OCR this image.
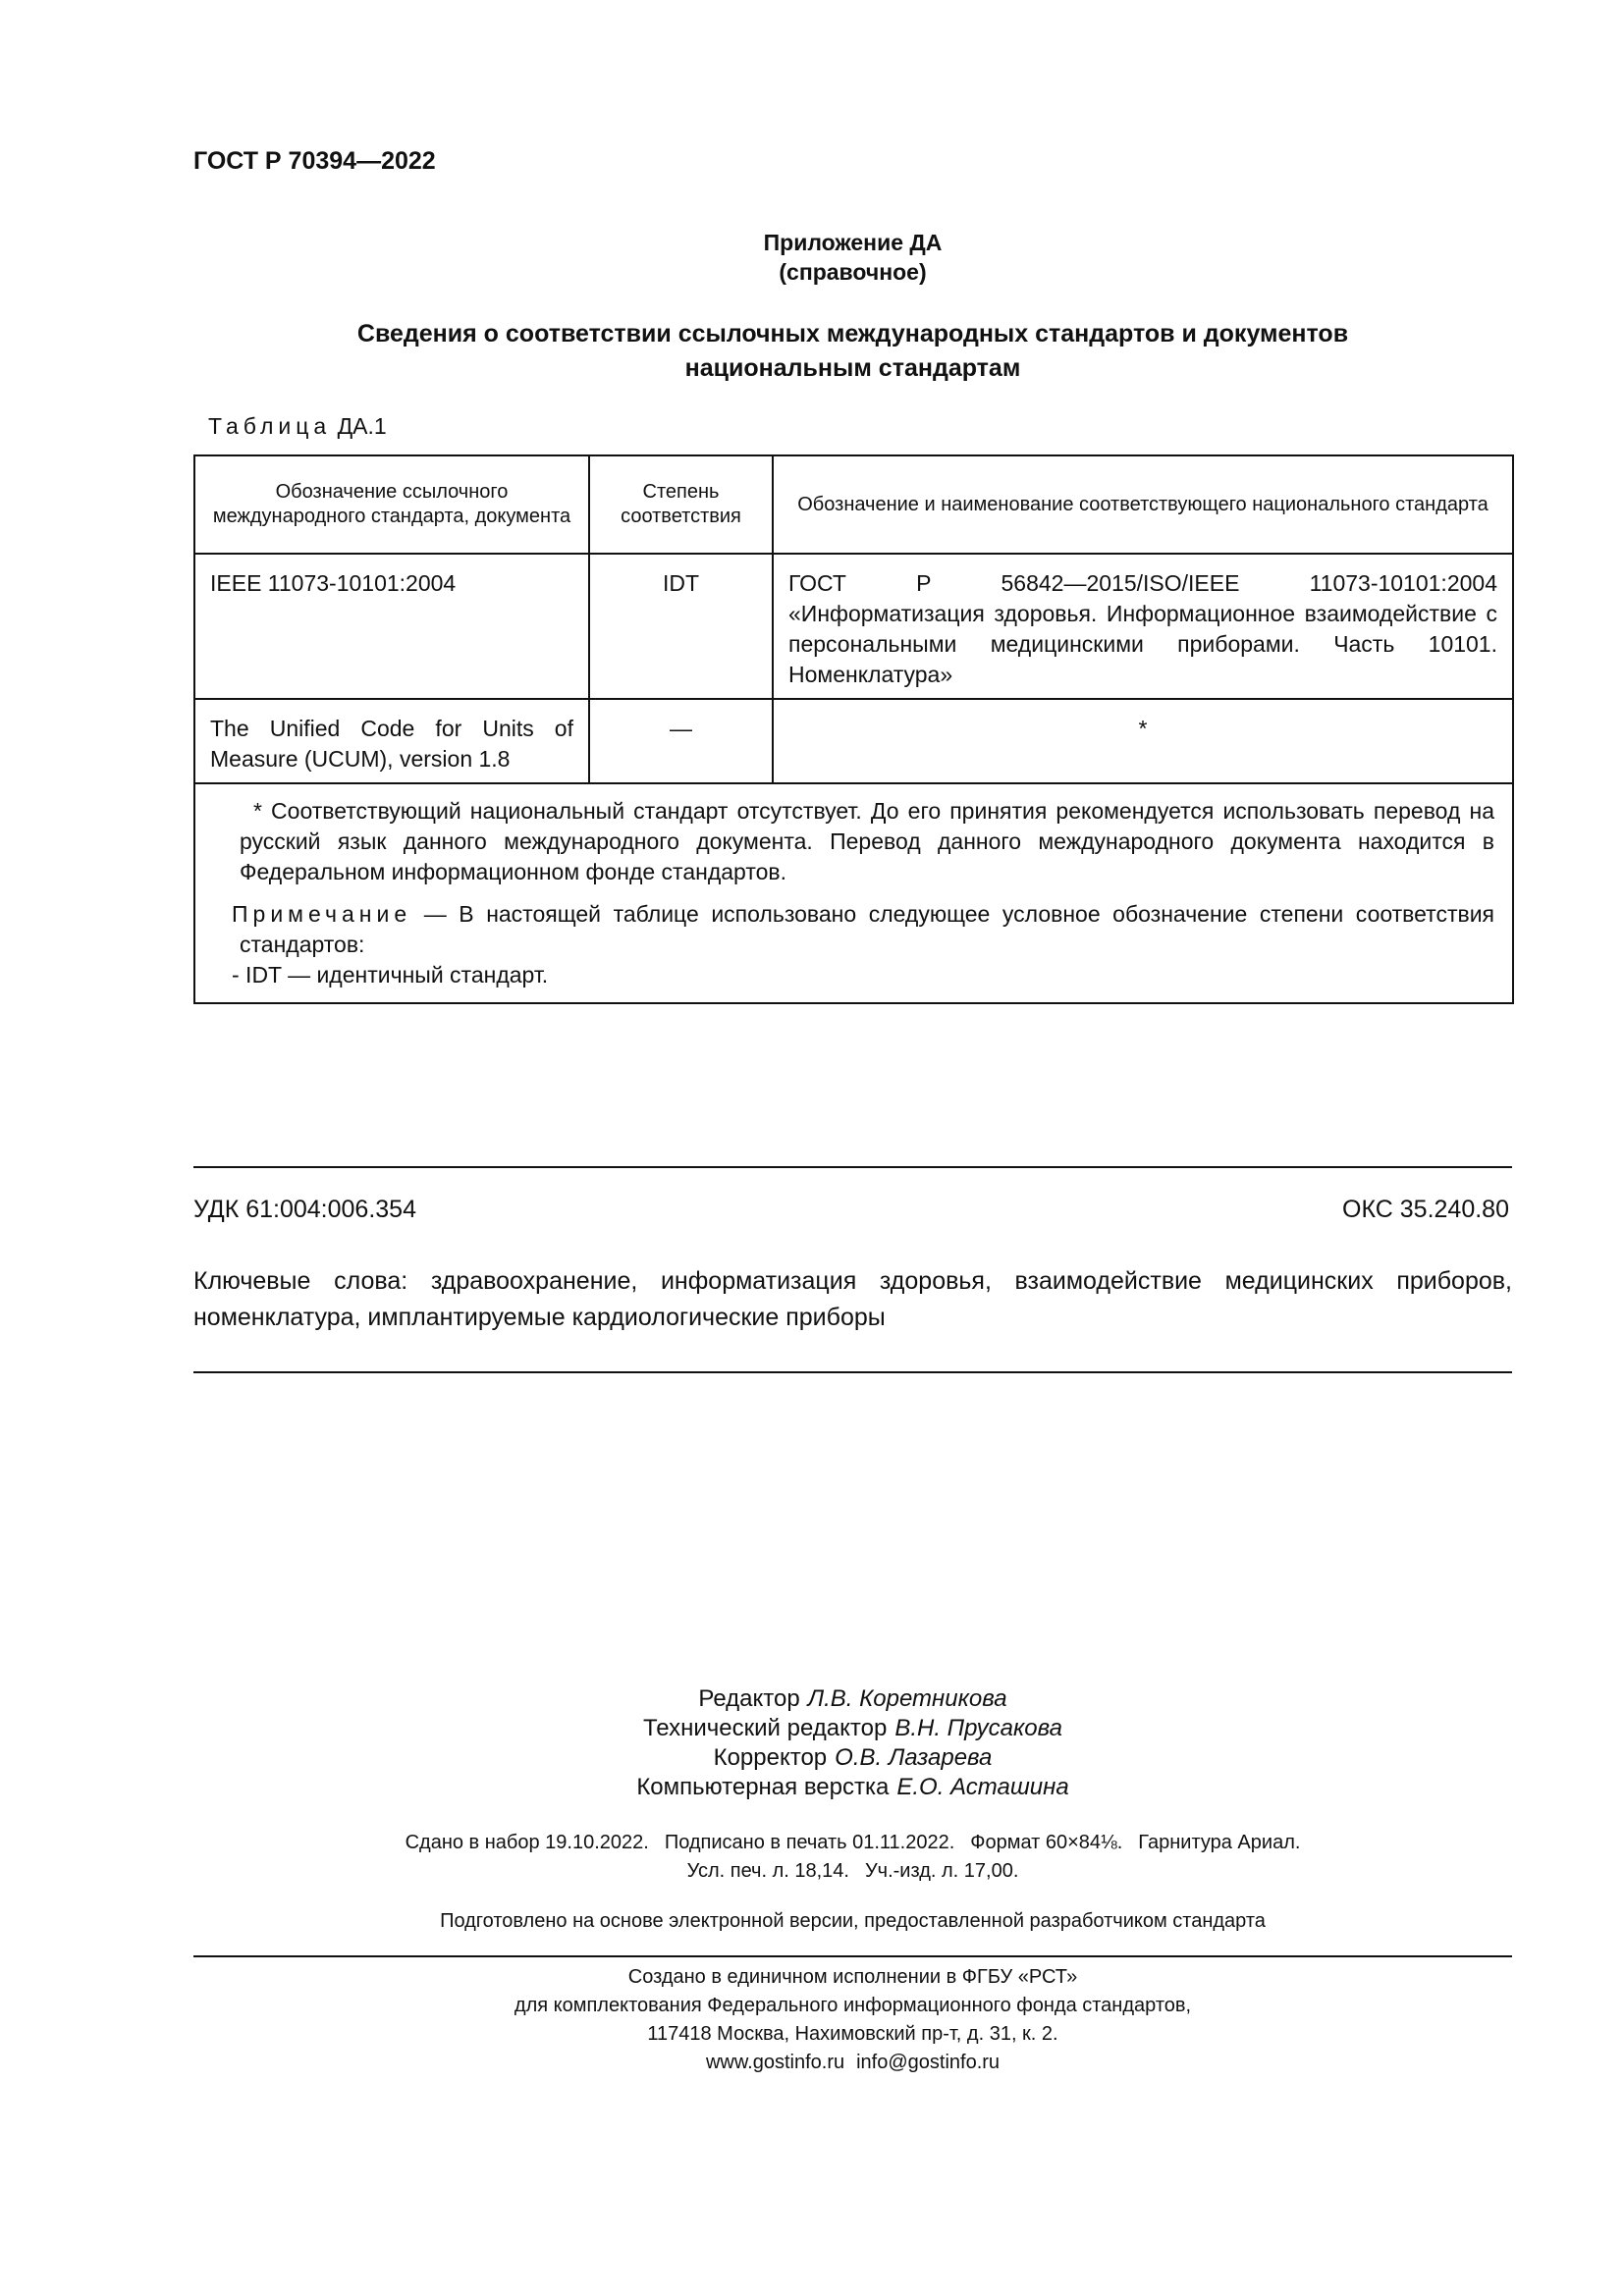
ГОСТ Р 70394—2022
Приложение ДА
(справочное)
Сведения о соответствии ссылочных международных стандартов и документов
национальным стандартам
Таблица ДА.1
Обозначение ссылочного международного стандарта, документа	Степень соответствия	Обозначение и наименование соответствующего национального стандарта
IEEE 11073-10101:2004	IDT	ГОСТ Р 56842—2015/ISO/IEEE 11073-10101:2004 «Информатизация здоровья. Информационное взаимодействие с персональными медицинскими приборами. Часть 10101. Номенклатура»
The Unified Code for Units of Measure (UCUM), version 1.8	—	*

* Соответствующий национальный стандарт отсутствует. До его принятия рекомендуется использовать перевод на русский язык данного международного документа. Перевод данного международного документа находится в Федеральном информационном фонде стандартов.

Примечание — В настоящей таблице использовано следующее условное обозначение степени соответствия стандартов:

- IDT — идентичный стандарт.		

УДК 61:004:006.354	ОКС 35.240.80
Ключевые слова: здравоохранение, информатизация здоровья, взаимодействие медицинских приборов, номенклатура, имплантируемые кардиологические приборы
Редактор Л.В. Коретникова
Технический редактор В.Н. Прусакова
Корректор О.В. Лазарева
Компьютерная верстка Е.О. Асташина
Сдано в набор 19.10.2022. Подписано в печать 01.11.2022. Формат 60×84⅛. Гарнитура Ариал.
Усл. печ. л. 18,14. Уч.-изд. л. 17,00.
Подготовлено на основе электронной версии, предоставленной разработчиком стандарта
Создано в единичном исполнении в ФГБУ «РСТ»
для комплектования Федерального информационного фонда стандартов,
117418 Москва, Нахимовский пр-т, д. 31, к. 2.
www.gostinfo.ru info@gostinfo.ru
